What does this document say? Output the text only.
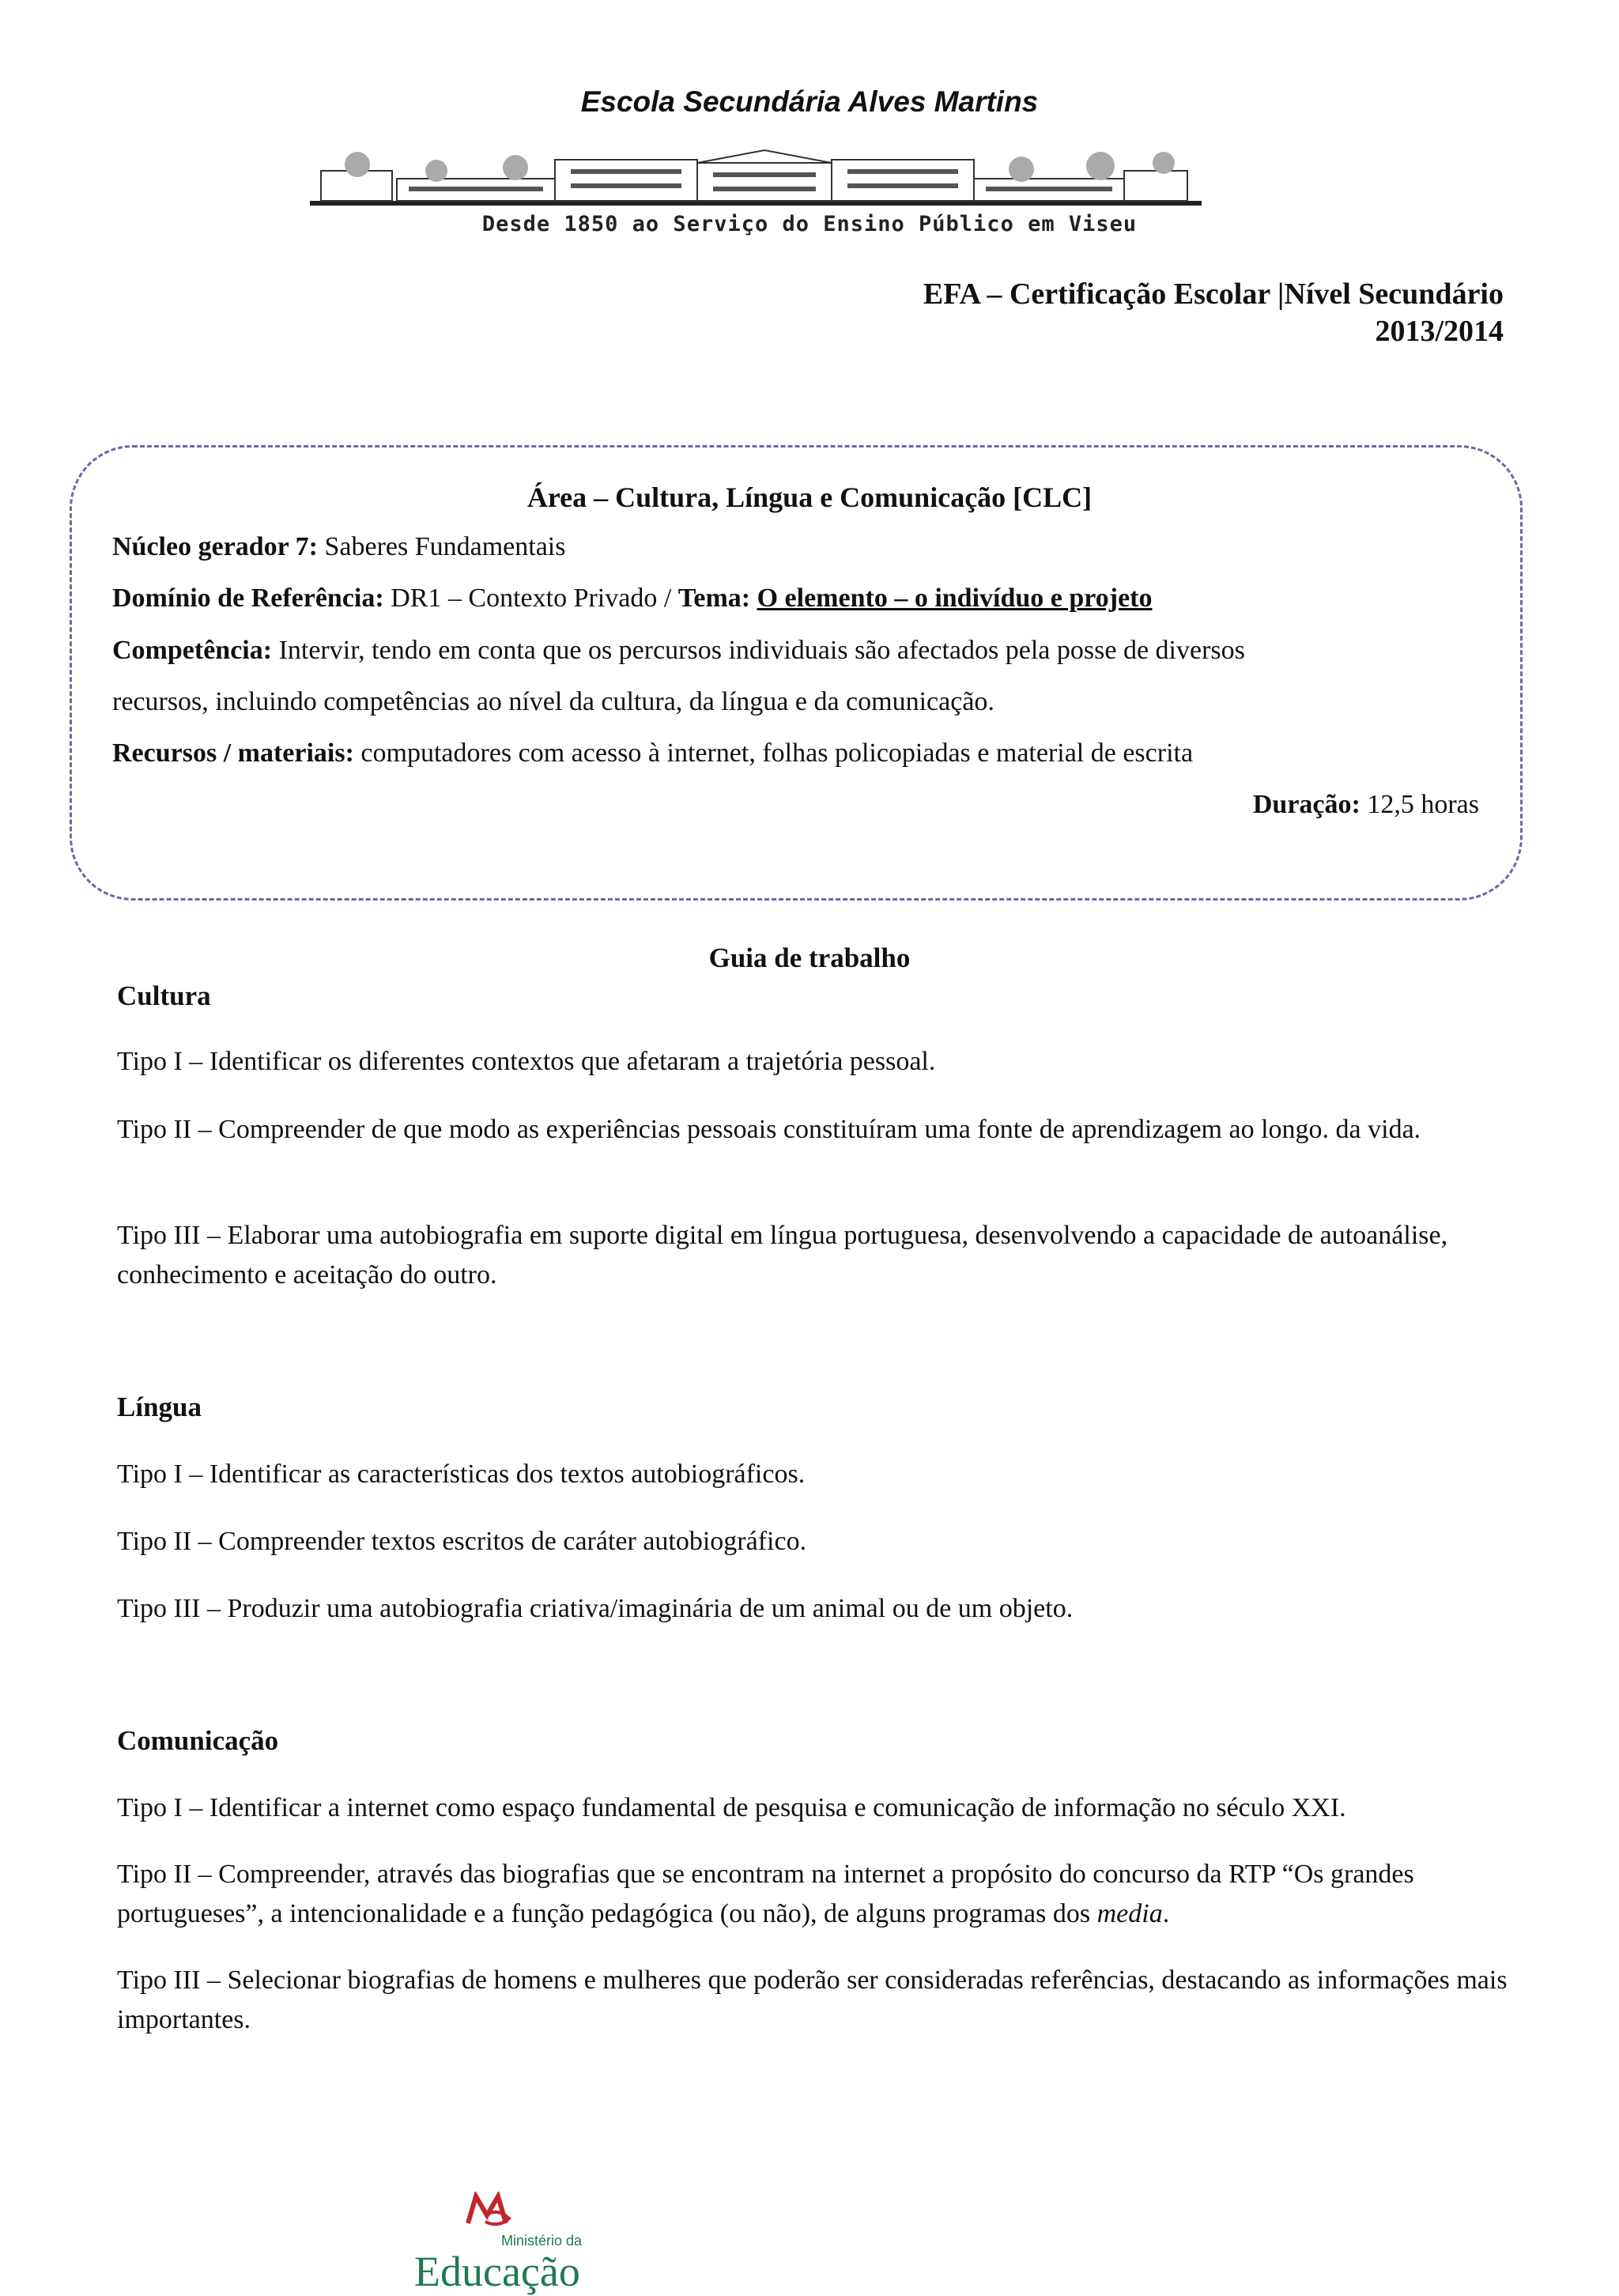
Escola Secundária Alves Martins
Desde 1850 ao Serviço do Ensino Público em Viseu
EFA – Certificação Escolar |Nível Secundário
2013/2014
Área – Cultura, Língua e Comunicação [CLC]
Núcleo gerador 7: Saberes Fundamentais
Domínio de Referência: DR1 – Contexto Privado / Tema: O elemento – o indivíduo e projeto
Competência: Intervir, tendo em conta que os percursos individuais são afectados pela posse de diversos
recursos, incluindo competências ao nível da cultura, da língua e da comunicação.
Recursos / materiais: computadores com acesso à internet, folhas policopiadas e material de escrita
Duração: 12,5 horas
Guia de trabalho
Cultura
Tipo I – Identificar os diferentes contextos que afetaram a trajetória pessoal.
Tipo II – Compreender de que modo as experiências pessoais constituíram uma fonte de aprendizagem ao longo. da vida.
Tipo III – Elaborar uma autobiografia em suporte digital em língua portuguesa, desenvolvendo a capacidade de autoanálise, conhecimento e aceitação do outro.
Língua
Tipo I – Identificar as características dos textos autobiográficos.
Tipo II – Compreender textos escritos de caráter autobiográfico.
Tipo III – Produzir uma autobiografia criativa/imaginária de um animal ou de um objeto.
Comunicação
Tipo I – Identificar a internet como espaço fundamental de pesquisa e comunicação de informação no século XXI.
Tipo II – Compreender, através das biografias que se encontram na internet a propósito do concurso da RTP “Os grandes portugueses”, a intencionalidade e a função pedagógica (ou não), de alguns programas dos media.
Tipo III – Selecionar biografias de homens e mulheres que poderão ser consideradas referências, destacando as informações mais importantes.
Ministério da
Educação
